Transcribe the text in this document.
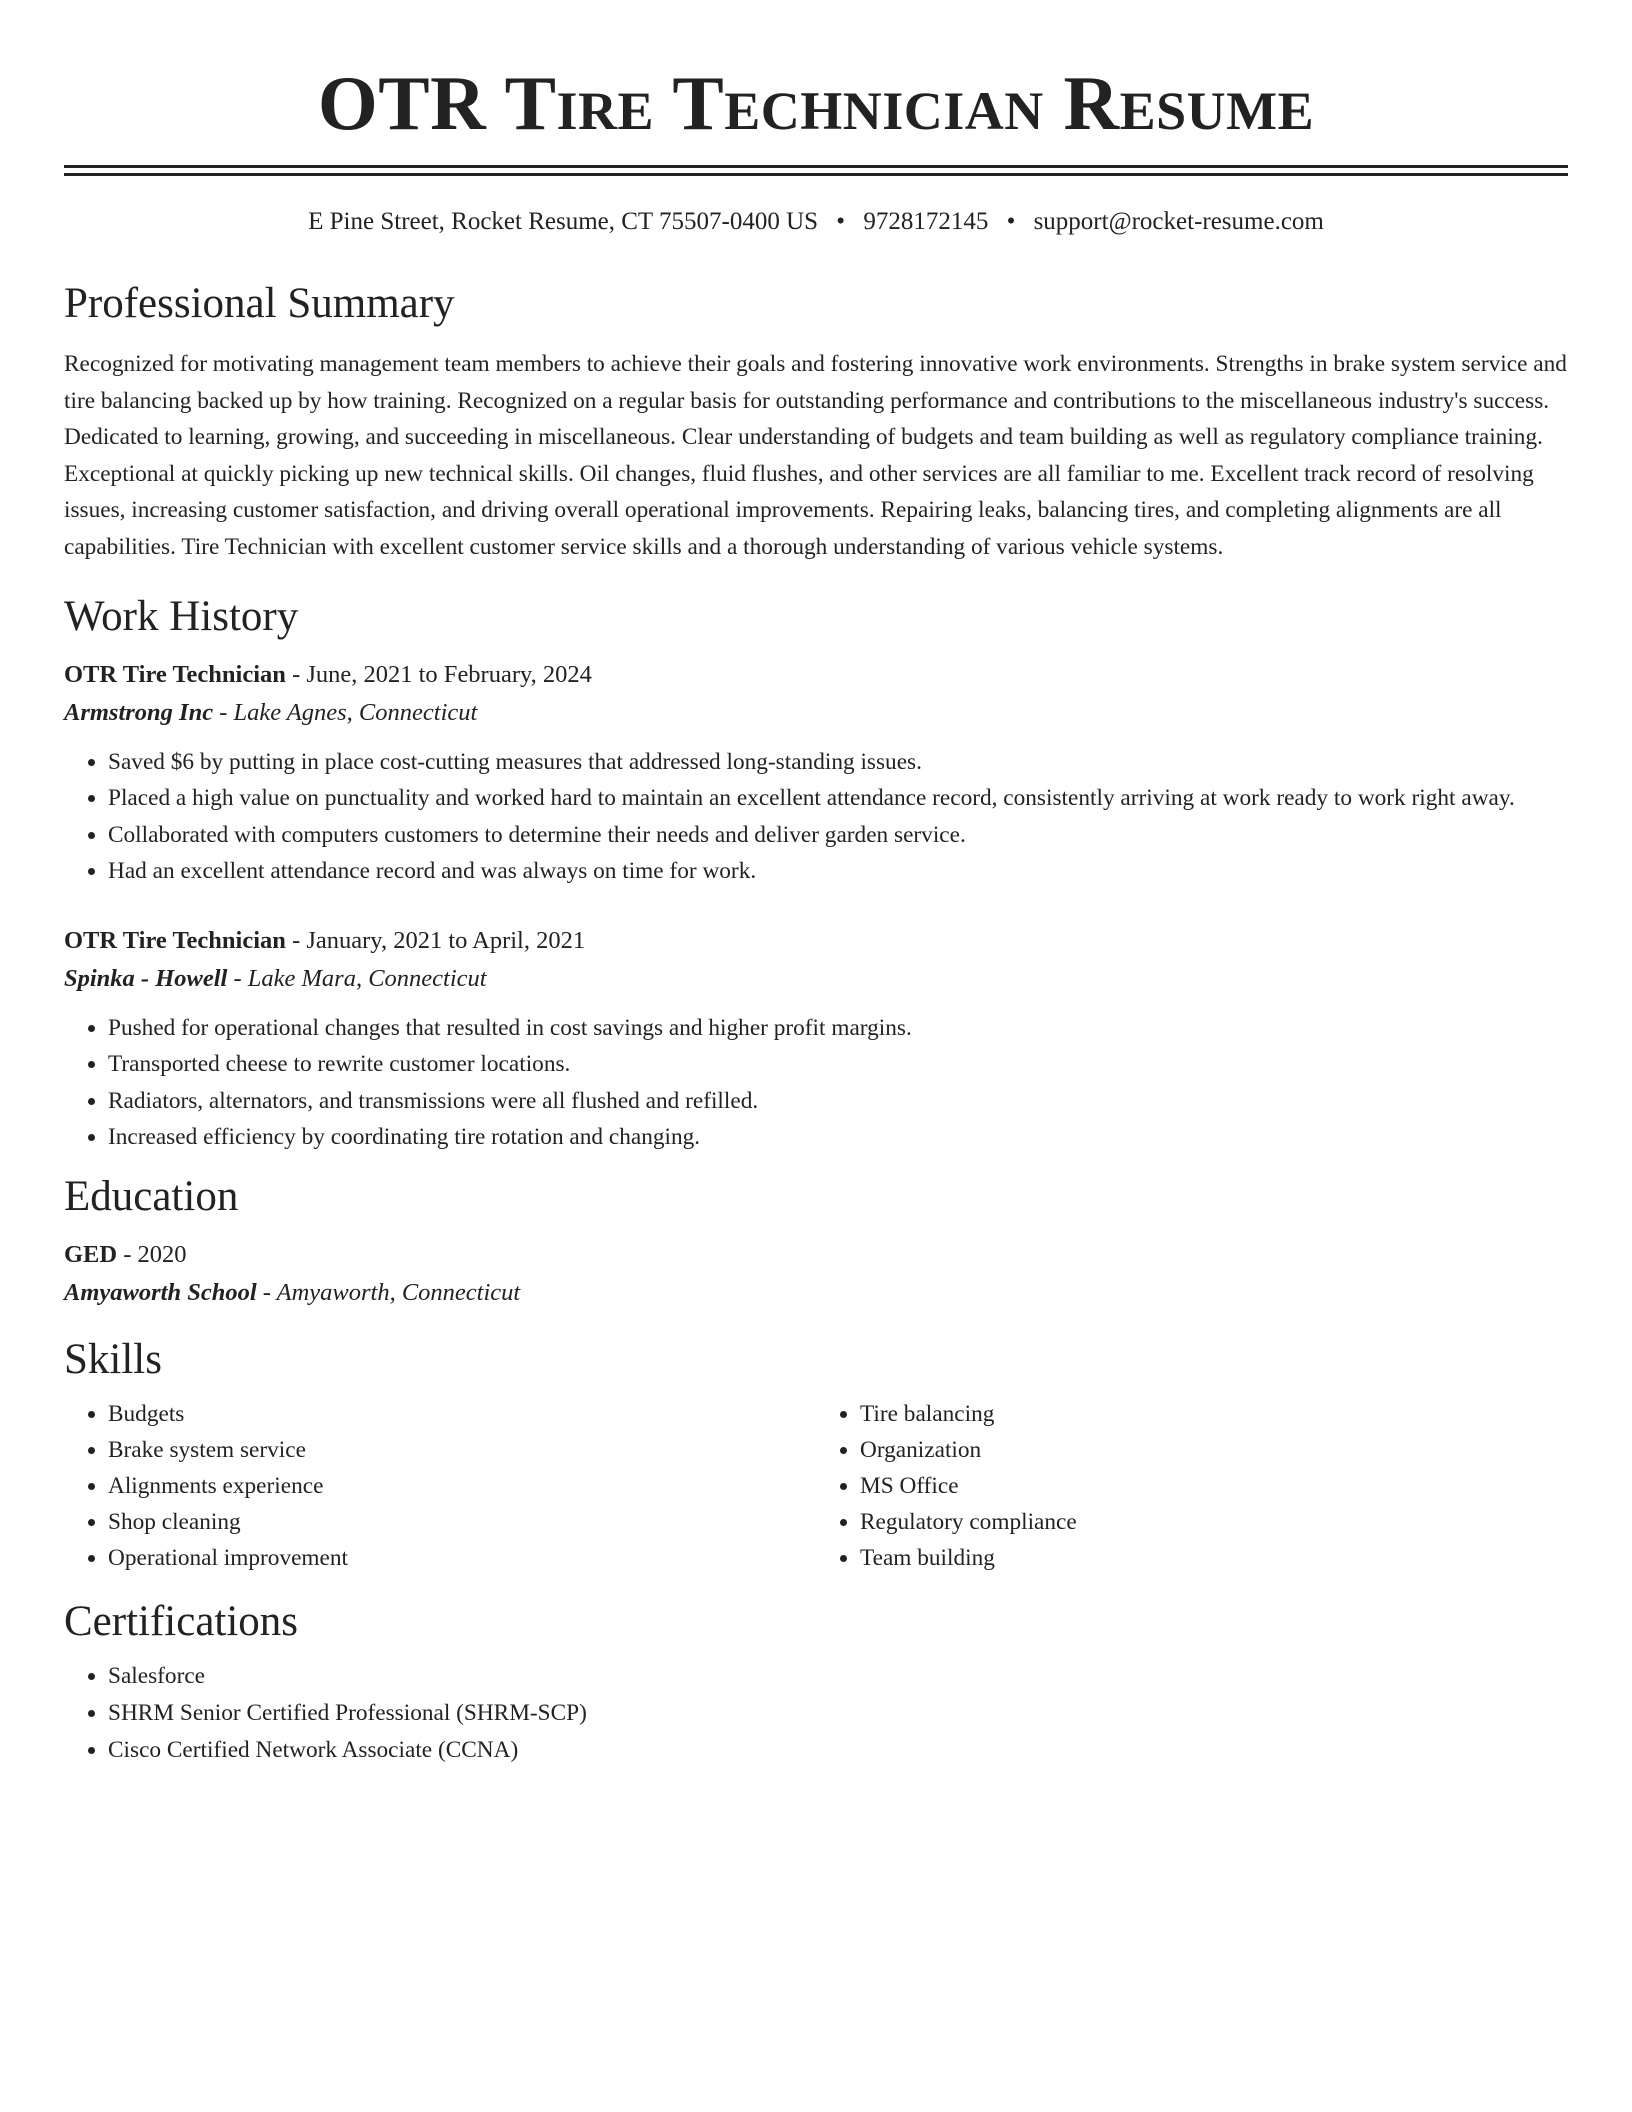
OTR Tire Technician Resume
E Pine Street, Rocket Resume, CT 75507-0400 US • 9728172145 • support@rocket-resume.com
Professional Summary

Recognized for motivating management team members to achieve their goals and fostering innovative work environments. Strengths in brake system service and tire balancing backed up by how training. Recognized on a regular basis for outstanding performance and contributions to the miscellaneous industry's success. Dedicated to learning, growing, and succeeding in miscellaneous. Clear understanding of budgets and team building as well as regulatory compliance training. Exceptional at quickly picking up new technical skills. Oil changes, fluid flushes, and other services are all familiar to me. Excellent track record of resolving issues, increasing customer satisfaction, and driving overall operational improvements. Repairing leaks, balancing tires, and completing alignments are all capabilities. Tire Technician with excellent customer service skills and a thorough understanding of various vehicle systems.

Work History
OTR Tire Technician - June, 2021 to February, 2024
Armstrong Inc - Lake Agnes, Connecticut
• Saved $6 by putting in place cost-cutting measures that addressed long-standing issues.
• Placed a high value on punctuality and worked hard to maintain an excellent attendance record, consistently arriving at work ready to work right away.
• Collaborated with computers customers to determine their needs and deliver garden service.
• Had an excellent attendance record and was always on time for work.
OTR Tire Technician - January, 2021 to April, 2021
Spinka - Howell - Lake Mara, Connecticut
• Pushed for operational changes that resulted in cost savings and higher profit margins.
• Transported cheese to rewrite customer locations.
• Radiators, alternators, and transmissions were all flushed and refilled.
• Increased efficiency by coordinating tire rotation and changing.
Education
GED - 2020
Amyaworth School - Amyaworth, Connecticut
Skills
• Budgets
• Brake system service
• Alignments experience
• Shop cleaning
• Operational improvement
• Tire balancing
• Organization
• MS Office
• Regulatory compliance
• Team building
Certifications
• Salesforce
• SHRM Senior Certified Professional (SHRM-SCP)
• Cisco Certified Network Associate (CCNA)
